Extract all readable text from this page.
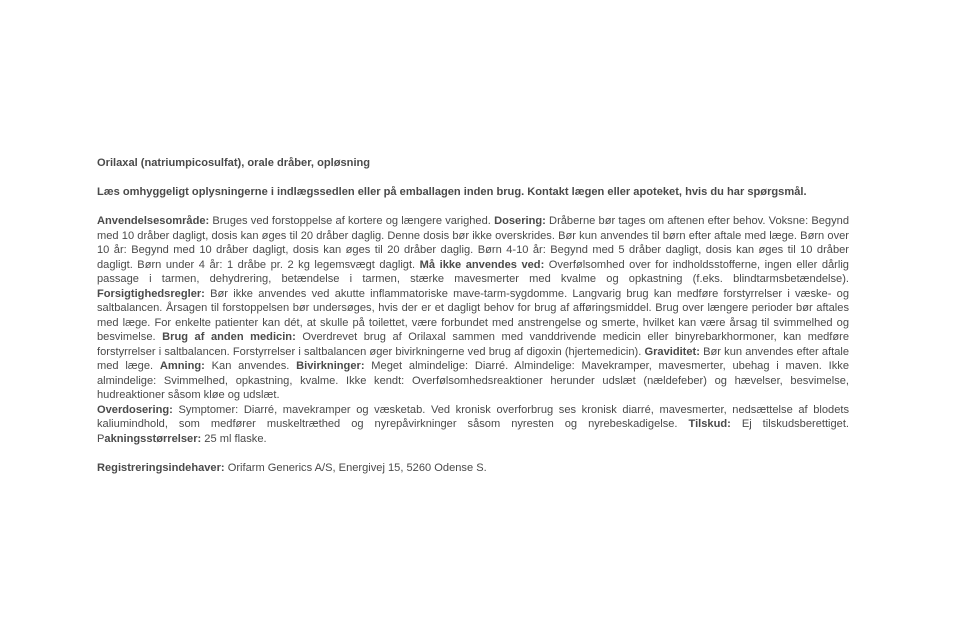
Orilaxal (natriumpicosulfat), orale dråber, opløsning

Læs omhyggeligt oplysningerne i indlægssedlen eller på emballagen inden brug. Kontakt lægen eller apoteket, hvis du har spørgsmål.

Anvendelsesområde: Bruges ved forstoppelse af kortere og længere varighed. Dosering: Dråberne bør tages om aftenen efter behov. Voksne: Begynd med 10 dråber dagligt, dosis kan øges til 20 dråber daglig. Denne dosis bør ikke overskrides. Bør kun anvendes til børn efter aftale med læge. Børn over 10 år: Begynd med 10 dråber dagligt, dosis kan øges til 20 dråber daglig. Børn 4-10 år: Begynd med 5 dråber dagligt, dosis kan øges til 10 dråber dagligt. Børn under 4 år: 1 dråbe pr. 2 kg legemsvægt dagligt. Må ikke anvendes ved: Overfølsomhed over for indholdsstofferne, ingen eller dårlig passage i tarmen, dehydrering, betændelse i tarmen, stærke mavesmerter med kvalme og opkastning (f.eks. blindtarmsbetændelse). Forsigtighedsregler: Bør ikke anvendes ved akutte inflammatoriske mave-tarm-sygdomme. Langvarig brug kan medføre forstyrrelser i væske- og saltbalancen. Årsagen til forstoppelsen bør undersøges, hvis der er et dagligt behov for brug af afføringsmiddel. Brug over længere perioder bør aftales med læge. For enkelte patienter kan dét, at skulle på toilettet, være forbundet med anstrengelse og smerte, hvilket kan være årsag til svimmelhed og besvimelse. Brug af anden medicin: Overdrevet brug af Orilaxal sammen med vanddrivende medicin eller binyrebarkhormoner, kan medføre forstyrrelser i saltbalancen. Forstyrrelser i saltbalancen øger bivirkningerne ved brug af digoxin (hjertemedicin). Graviditet: Bør kun anvendes efter aftale med læge. Amning: Kan anvendes. Bivirkninger: Meget almindelige: Diarré. Almindelige: Mavekramper, mavesmerter, ubehag i maven. Ikke almindelige: Svimmelhed, opkastning, kvalme. Ikke kendt: Overfølsomhedsreaktioner herunder udslæt (nældefeber) og hævelser, besvimelse, hudreaktioner såsom kløe og udslæt.
Overdosering: Symptomer: Diarré, mavekramper og væsketab. Ved kronisk overforbrug ses kronisk diarré, mavesmerter, nedsættelse af blodets kaliumindhold, som medfører muskeltræthed og nyrepåvirkninger såsom nyresten og nyrebeskadigelse. Tilskud: Ej tilskudsberettiget. Pakningsstørrelser: 25 ml flaske.

Registreringsindehaver: Orifarm Generics A/S, Energivej 15, 5260 Odense S.
